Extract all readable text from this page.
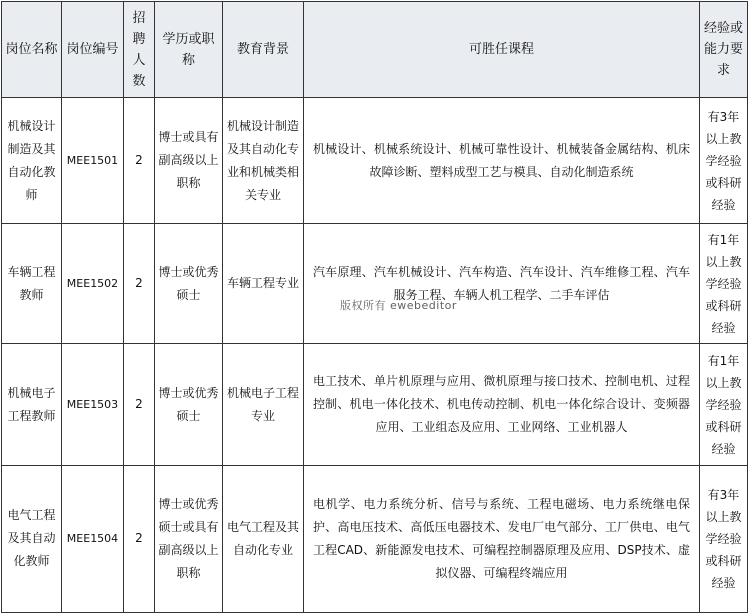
岗位名称	岗位编号	招聘人数	学历或职称	教育背景	可胜任课程	经验或能力要求
机械设计制造及其自动化教师	MEE1501	2	博士或具有副高级以上职称	机械设计制造及其自动化专业和机械类相关专业	机械设计、机械系统设计、机械可靠性设计、机械装备金属结构、机床故障诊断、塑料成型工艺与模具、自动化制造系统	有3年以上教学经验或科研经验
车辆工程教师	MEE1502	2	博士或优秀硕士	车辆工程专业	汽车原理、汽车机械设计、汽车构造、汽车设计、汽车维修工程、汽车服务工程、车辆人机工程学、二手车评估	有1年以上教学经验或科研经验
机械电子工程教师	MEE1503	2	博士或优秀硕士	机械电子工程专业	电工技术、单片机原理与应用、微机原理与接口技术、控制电机、过程控制、机电一体化技术、机电传动控制、机电一体化综合设计、变频器应用、工业组态及应用、工业网络、工业机器人	有1年以上教学经验或科研经验
电气工程及其自动化教师	MEE1504	2	博士或优秀硕士或具有副高级以上职称	电气工程及其自动化专业	电机学、电力系统分析、信号与系统、工程电磁场、电力系统继电保护、高电压技术、高低压电器技术、发电厂电气部分、工厂供电、电气工程CAD、新能源发电技术、可编程控制器原理及应用、DSP技术、虚拟仪器、可编程终端应用	有3年以上教学经验或科研经验
版权所有 ewebeditor
